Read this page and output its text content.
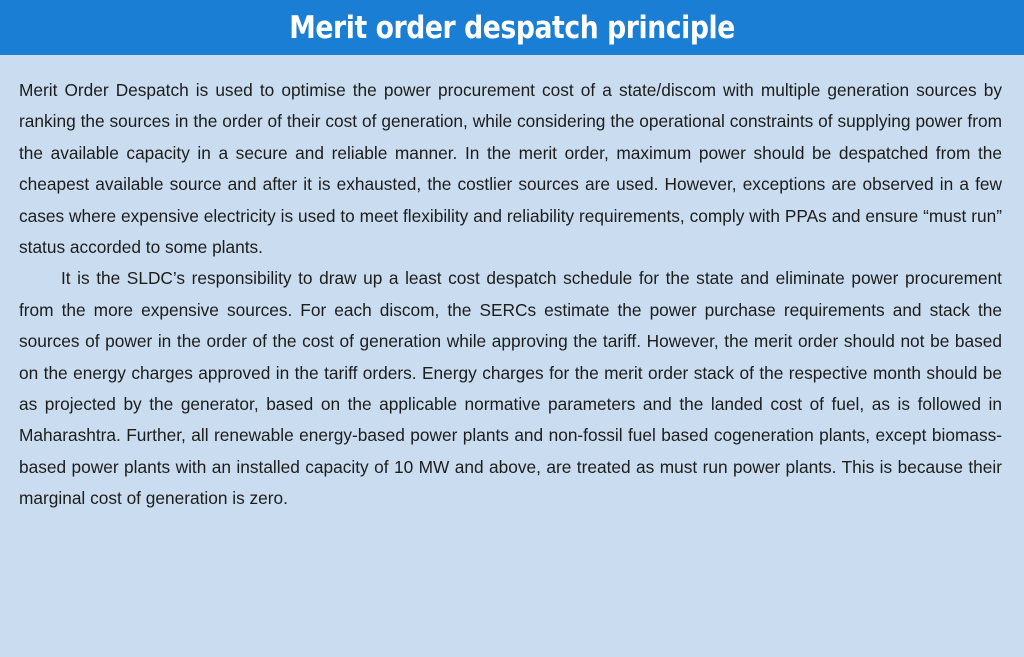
Merit order despatch principle

Merit Order Despatch is used to optimise the power procurement cost of a state/discom with multiple generation sources by ranking the sources in the order of their cost of generation, while considering the operational constraints of supplying power from the available capacity in a secure and reliable manner. In the merit order, maximum power should be despatched from the cheapest available source and after it is exhausted, the costlier sources are used. However, exceptions are observed in a few cases where expensive electricity is used to meet flexibility and reliability requirements, comply with PPAs and ensure “must run” status accorded to some plants.

It is the SLDC’s responsibility to draw up a least cost despatch schedule for the state and eliminate power procurement from the more expensive sources. For each discom, the SERCs estimate the power purchase requirements and stack the sources of power in the order of the cost of generation while approving the tariff. However, the merit order should not be based on the energy charges approved in the tariff orders. Energy charges for the merit order stack of the respective month should be as projected by the generator, based on the applicable normative parameters and the landed cost of fuel, as is followed in Maharashtra. Further, all renewable energy-based power plants and non-fossil fuel based cogeneration plants, except biomass-based power plants with an installed capacity of 10 MW and above, are treated as must run power plants. This is because their marginal cost of generation is zero.
